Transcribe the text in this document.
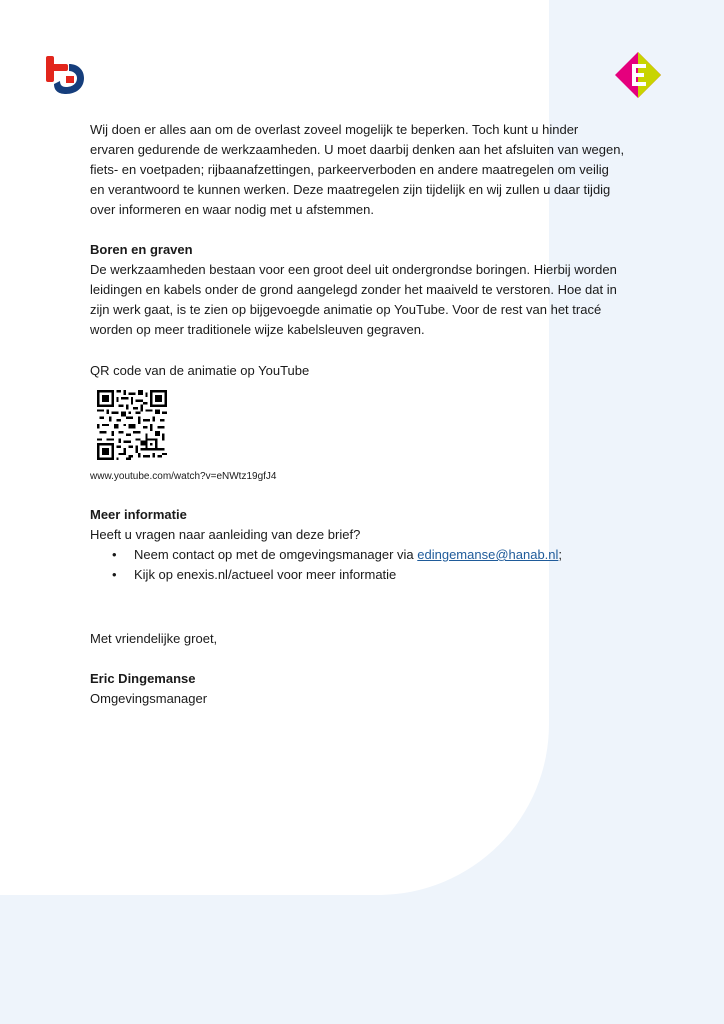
Wij doen er alles aan om de overlast zoveel mogelijk te beperken. Toch kunt u hinder ervaren gedurende de werkzaamheden. U moet daarbij denken aan het afsluiten van wegen, fiets- en voetpaden; rijbaanafzettingen, parkeerverboden en andere maatregelen om veilig en verantwoord te kunnen werken. Deze maatregelen zijn tijdelijk en wij zullen u daar tijdig over informeren en waar nodig met u afstemmen.

Boren en graven

De werkzaamheden bestaan voor een groot deel uit ondergrondse boringen. Hierbij worden leidingen en kabels onder de grond aangelegd zonder het maaiveld te verstoren. Hoe dat in zijn werk gaat, is te zien op bijgevoegde animatie op YouTube. Voor de rest van het tracé worden op meer traditionele wijze kabelsleuven gegraven.

QR code van de animatie op YouTube

www.youtube.com/watch?v=eNWtz19gfJ4

Meer informatie

Heeft u vragen naar aanleiding van deze brief?

• Neem contact op met de omgevingsmanager via edingemanse@hanab.nl;
• Kijk op enexis.nl/actueel voor meer informatie

Met vriendelijke groet,

Eric Dingemanse

Omgevingsmanager
